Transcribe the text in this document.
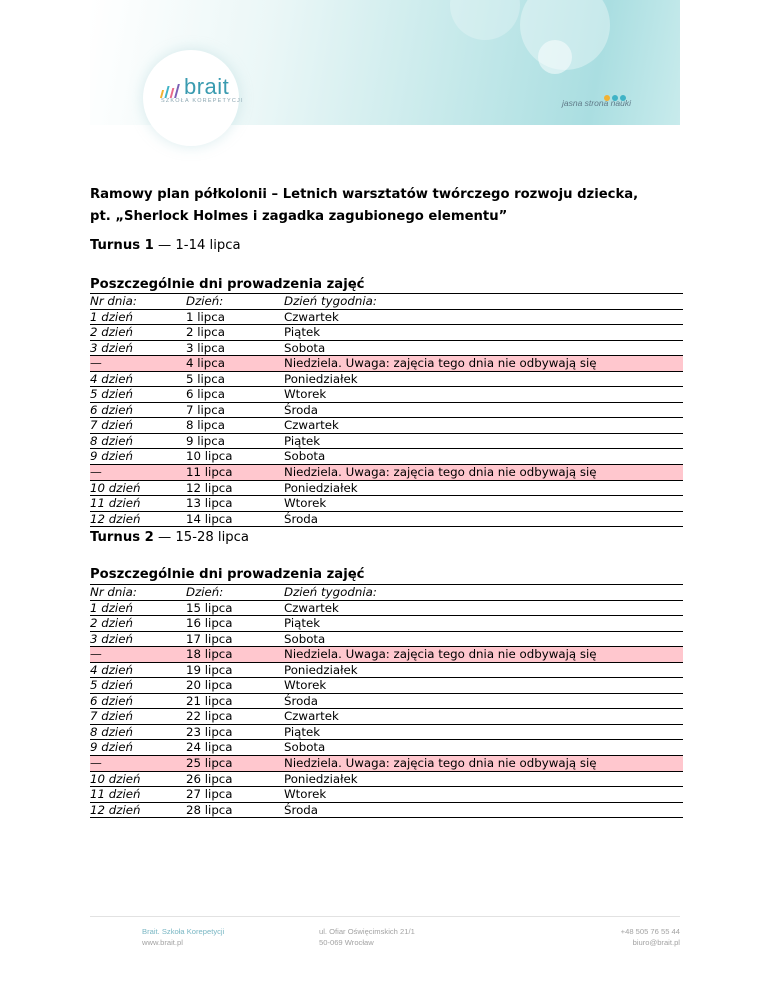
brait
SZKOŁA KOREPETYCJI	jasna strona nauki
Ramowy plan półkolonii – Letnich warsztatów twórczego rozwoju dziecka,
pt. „Sherlock Holmes i zagadka zagubionego elementu”
Turnus 1 — 1-14 lipca
Poszczególnie dni prowadzenia zajęć
Nr dnia:	Dzień:	Dzień tygodnia:
1 dzień	1 lipca	Czwartek
2 dzień	2 lipca	Piątek
3 dzień	3 lipca	Sobota
—	4 lipca	Niedziela. Uwaga: zajęcia tego dnia nie odbywają się
4 dzień	5 lipca	Poniedziałek
5 dzień	6 lipca	Wtorek
6 dzień	7 lipca	Środa
7 dzień	8 lipca	Czwartek
8 dzień	9 lipca	Piątek
9 dzień	10 lipca	Sobota
—	11 lipca	Niedziela. Uwaga: zajęcia tego dnia nie odbywają się
10 dzień	12 lipca	Poniedziałek
11 dzień	13 lipca	Wtorek
12 dzień	14 lipca	Środa
Turnus 2 — 15-28 lipca
Poszczególnie dni prowadzenia zajęć
Nr dnia:	Dzień:	Dzień tygodnia:
1 dzień	15 lipca	Czwartek
2 dzień	16 lipca	Piątek
3 dzień	17 lipca	Sobota
—	18 lipca	Niedziela. Uwaga: zajęcia tego dnia nie odbywają się
4 dzień	19 lipca	Poniedziałek
5 dzień	20 lipca	Wtorek
6 dzień	21 lipca	Środa
7 dzień	22 lipca	Czwartek
8 dzień	23 lipca	Piątek
9 dzień	24 lipca	Sobota
—	25 lipca	Niedziela. Uwaga: zajęcia tego dnia nie odbywają się
10 dzień	26 lipca	Poniedziałek
11 dzień	27 lipca	Wtorek
12 dzień	28 lipca	Środa
Brait. Szkoła Korepetycji
www.brait.pl
ul. Ofiar Oświęcimskich 21/1
50-069 Wrocław
+48 505 76 55 44
biuro@brait.pl
